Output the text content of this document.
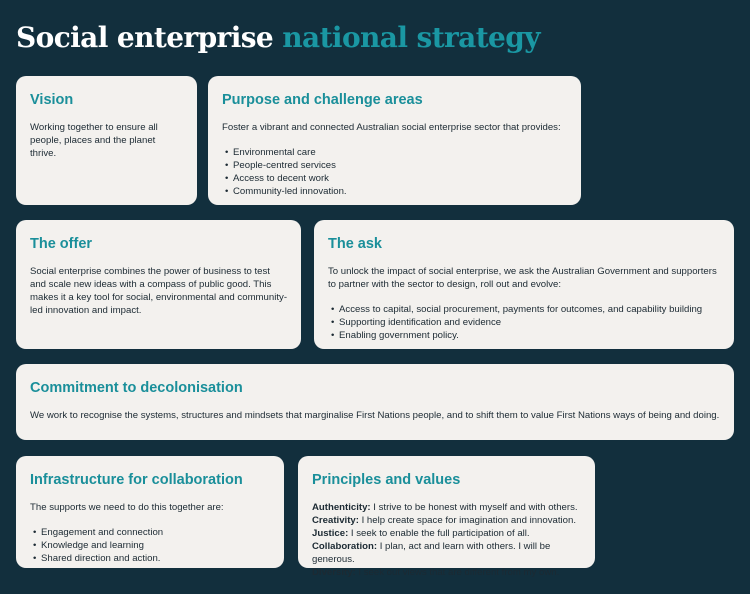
Social enterprise national strategy
Vision

Working together to ensure all people, places and the planet thrive.

Purpose and challenge areas

Foster a vibrant and connected Australian social enterprise sector that provides:

• Environmental care
• People-centred services
• Access to decent work
• Community-led innovation.
The offer

Social enterprise combines the power of business to test and scale new ideas with a compass of public good. This makes it a key tool for social, environmental and community-led innovation and impact.

The ask

To unlock the impact of social enterprise, we ask the Australian Government and supporters to partner with the sector to design, roll out and evolve:

• Access to capital, social procurement, payments for outcomes, and capability building
• Supporting identification and evidence
• Enabling government policy.
Commitment to decolonisation

We work to recognise the systems, structures and mindsets that marginalise First Nations people, and to shift them to value First Nations ways of being and doing.

Infrastructure for collaboration

The supports we need to do this together are:

• Engagement and connection
• Knowledge and learning
• Shared direction and action.
Principles and values
Authenticity: I strive to be honest with myself and with others.
Creativity: I help create space for imagination and innovation.
Justice: I seek to enable the full participation of all.
Collaboration: I plan, act and learn with others. I will be generous.
Diversity: I seek out views that are different from my own.
